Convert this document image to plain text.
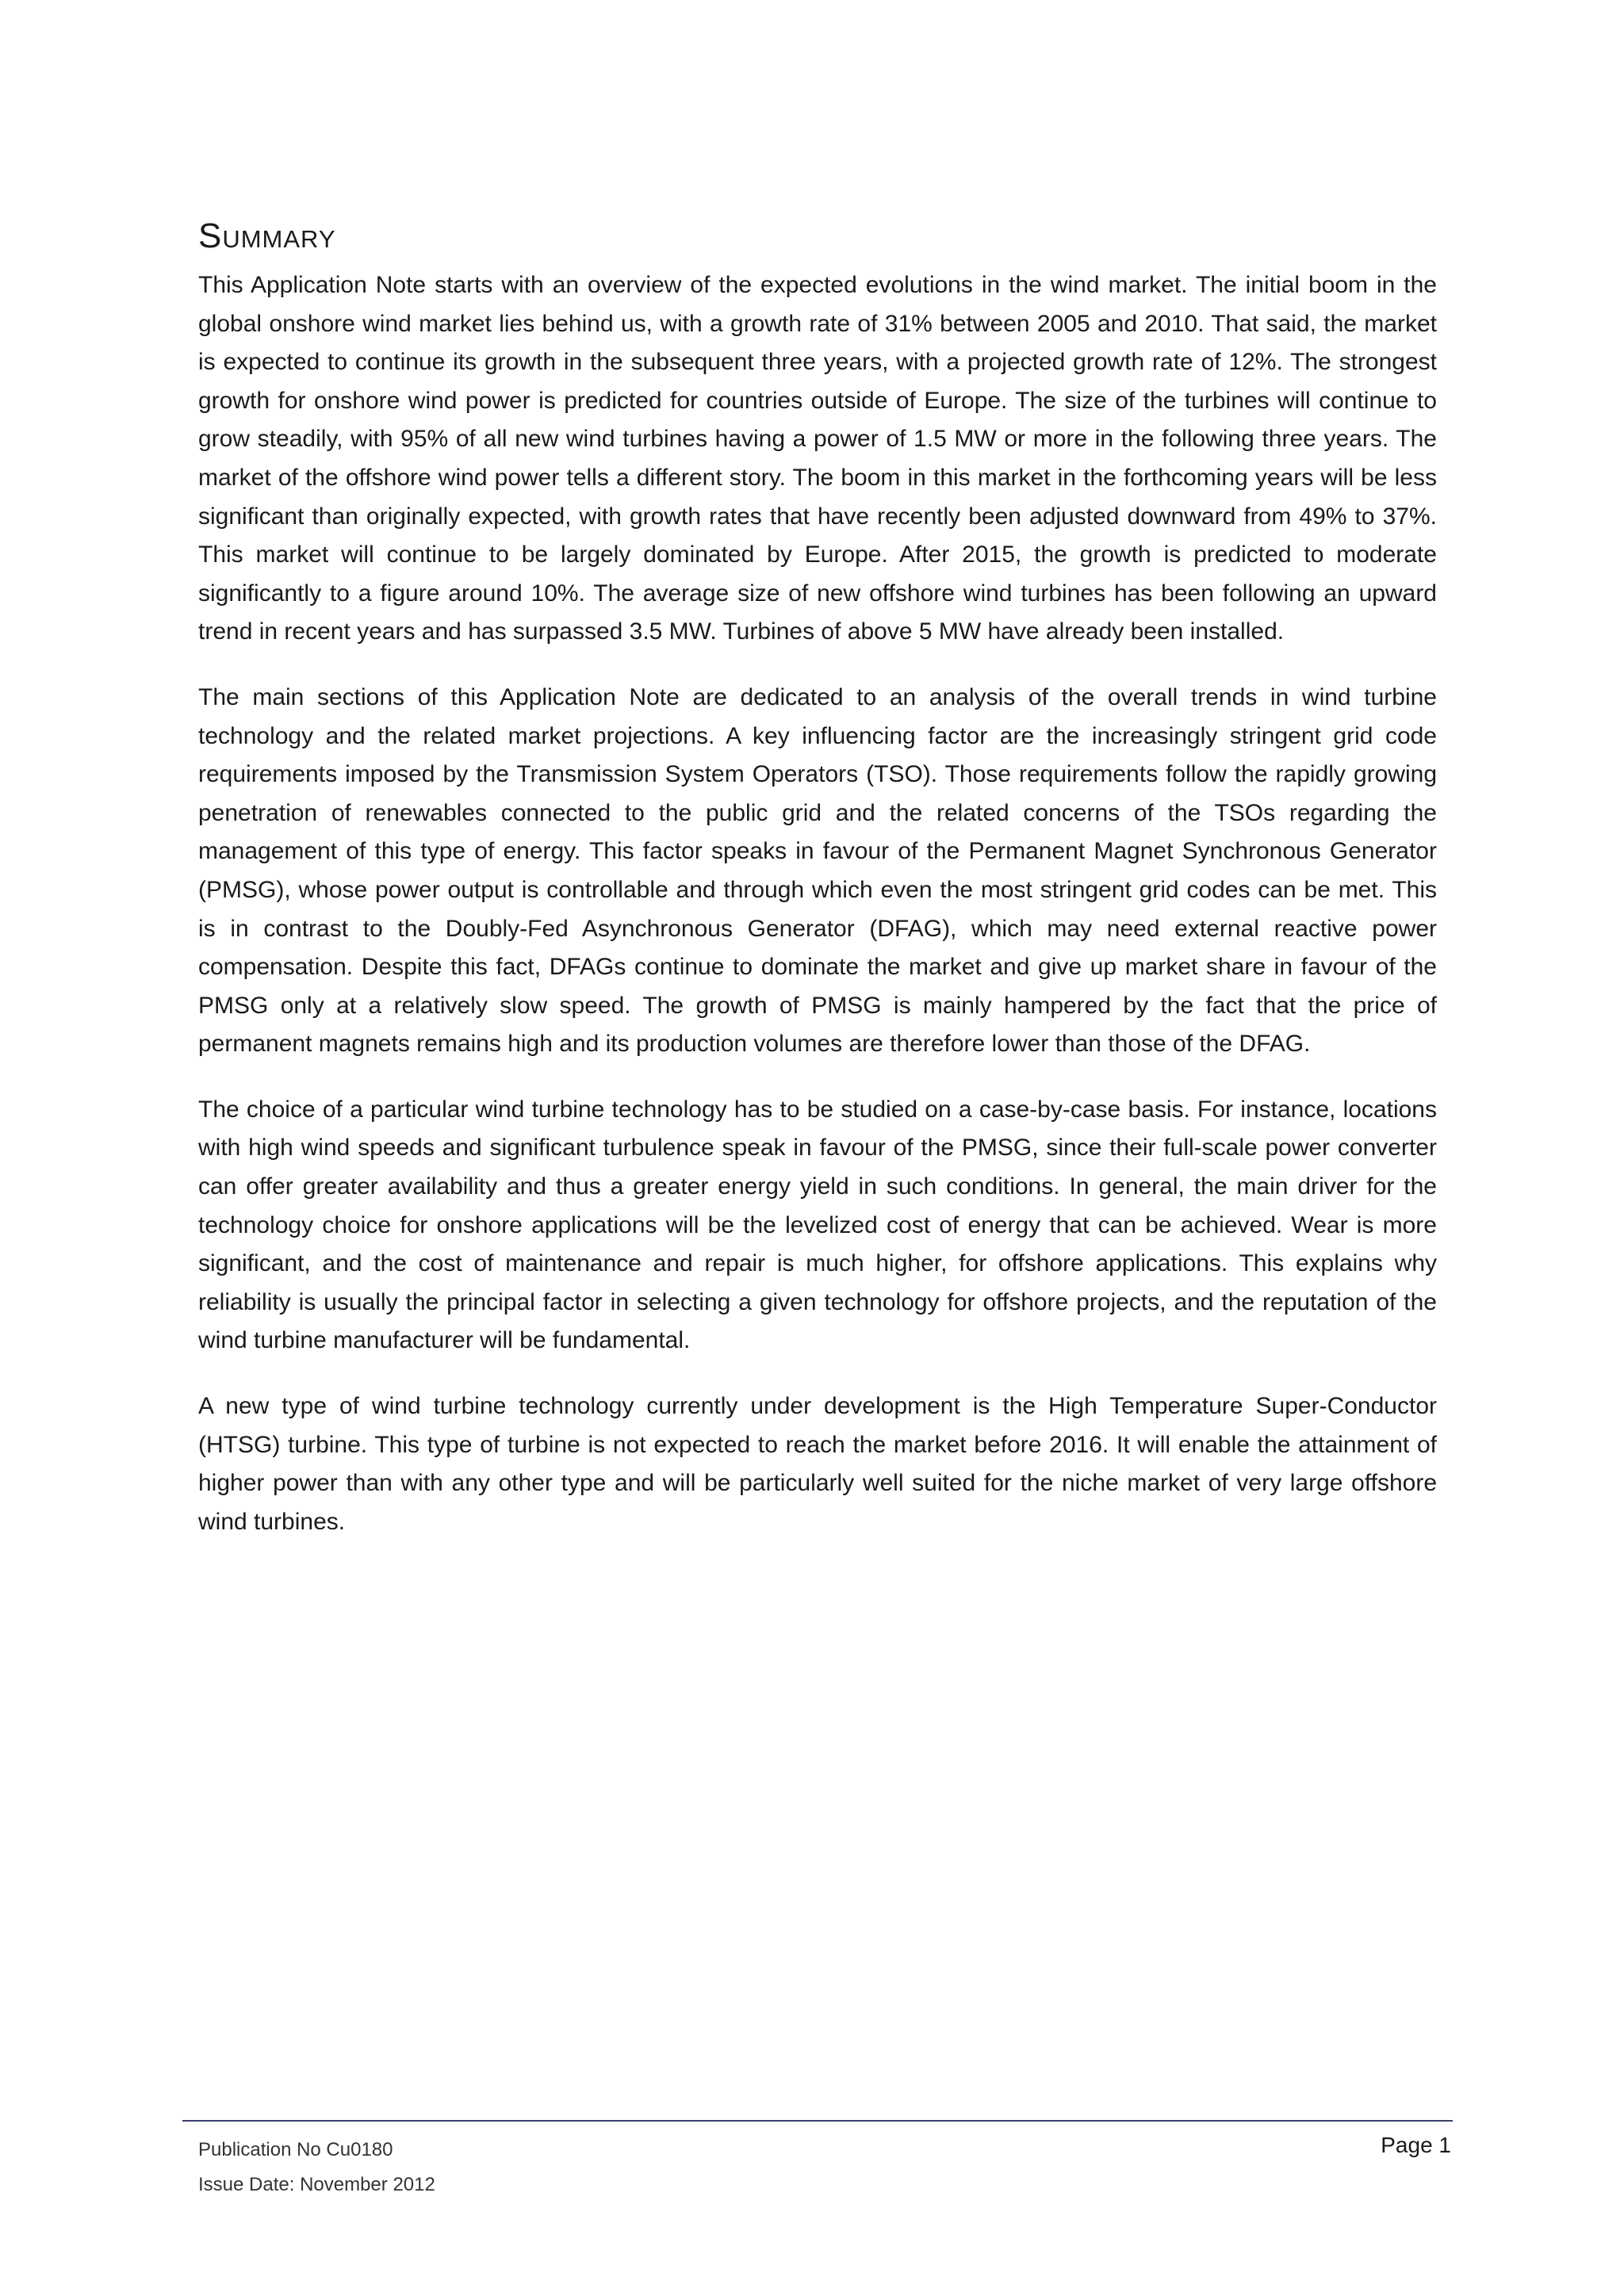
Summary

This Application Note starts with an overview of the expected evolutions in the wind market. The initial boom in the global onshore wind market lies behind us, with a growth rate of 31% between 2005 and 2010. That said, the market is expected to continue its growth in the subsequent three years, with a projected growth rate of 12%. The strongest growth for onshore wind power is predicted for countries outside of Europe. The size of the turbines will continue to grow steadily, with 95% of all new wind turbines having a power of 1.5 MW or more in the following three years. The market of the offshore wind power tells a different story. The boom in this market in the forthcoming years will be less significant than originally expected, with growth rates that have recently been adjusted downward from 49% to 37%. This market will continue to be largely dominated by Europe. After 2015, the growth is predicted to moderate significantly to a figure around 10%. The average size of new offshore wind turbines has been following an upward trend in recent years and has surpassed 3.5 MW. Turbines of above 5 MW have already been installed.

The main sections of this Application Note are dedicated to an analysis of the overall trends in wind turbine technology and the related market projections. A key influencing factor are the increasingly stringent grid code requirements imposed by the Transmission System Operators (TSO). Those requirements follow the rapidly growing penetration of renewables connected to the public grid and the related concerns of the TSOs regarding the management of this type of energy. This factor speaks in favour of the Permanent Magnet Synchronous Generator (PMSG), whose power output is controllable and through which even the most stringent grid codes can be met. This is in contrast to the Doubly-Fed Asynchronous Generator (DFAG), which may need external reactive power compensation. Despite this fact, DFAGs continue to dominate the market and give up market share in favour of the PMSG only at a relatively slow speed. The growth of PMSG is mainly hampered by the fact that the price of permanent magnets remains high and its production volumes are therefore lower than those of the DFAG.

The choice of a particular wind turbine technology has to be studied on a case-by-case basis. For instance, locations with high wind speeds and significant turbulence speak in favour of the PMSG, since their full-scale power converter can offer greater availability and thus a greater energy yield in such conditions. In general, the main driver for the technology choice for onshore applications will be the levelized cost of energy that can be achieved. Wear is more significant, and the cost of maintenance and repair is much higher, for offshore applications. This explains why reliability is usually the principal factor in selecting a given technology for offshore projects, and the reputation of the wind turbine manufacturer will be fundamental.

A new type of wind turbine technology currently under development is the High Temperature Super-Conductor (HTSG) turbine. This type of turbine is not expected to reach the market before 2016. It will enable the attainment of higher power than with any other type and will be particularly well suited for the niche market of very large offshore wind turbines.

Publication No Cu0180
Issue Date: November 2012
Page 1
